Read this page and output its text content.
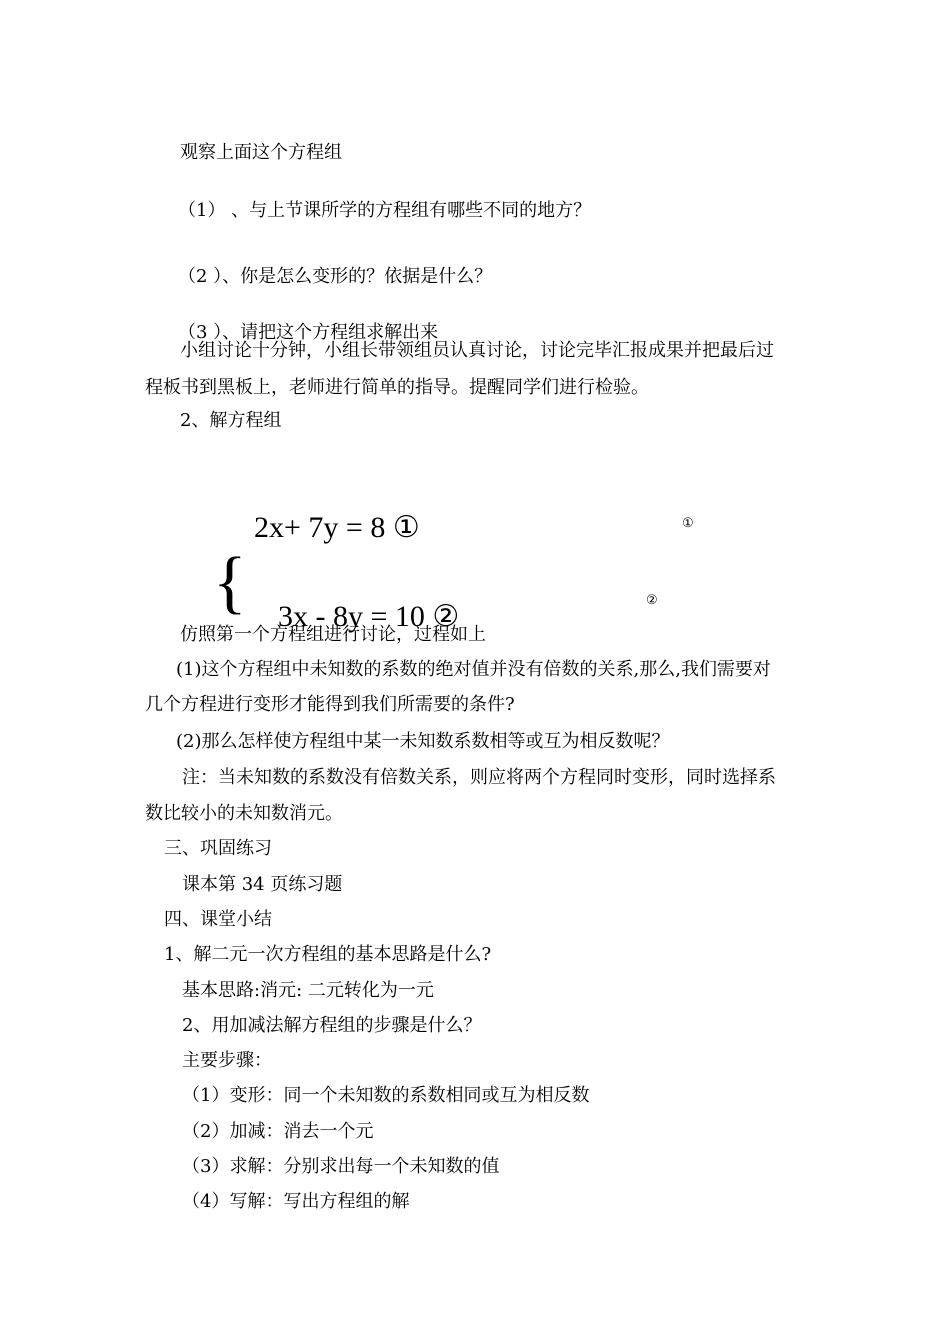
观察上面这个方程组
（1） 、与上节课所学的方程组有哪些不同的地方？
（2 ）、你是怎么变形的？依据是什么？
（3 ）、请把这个方程组求解出来
小组讨论十分钟，小组长带领组员认真讨论，讨论完毕汇报成果并把最后过
程板书到黑板上，老师进行简单的指导。提醒同学们进行检验。
2、解方程组
2x+ 7y = 8 ①
{ 3x - 8y = 10 ②
①
②
仿照第一个方程组进行讨论，过程如上
(1)这个方程组中未知数的系数的绝对值并没有倍数的关系,那么,我们需要对
几个方程进行变形才能得到我们所需要的条件?
(2)那么怎样使方程组中某一未知数系数相等或互为相反数呢？
注：当未知数的系数没有倍数关系，则应将两个方程同时变形，同时选择系
数比较小的未知数消元。
三、巩固练习
课本第 34 页练习题
四、课堂小结
1、解二元一次方程组的基本思路是什么?
基本思路:消元: 二元转化为一元
2、用加减法解方程组的步骤是什么？
主要步骤：
（1）变形：同一个未知数的系数相同或互为相反数
（2）加减：消去一个元
（3）求解：分别求出每一个未知数的值
（4）写解：写出方程组的解
